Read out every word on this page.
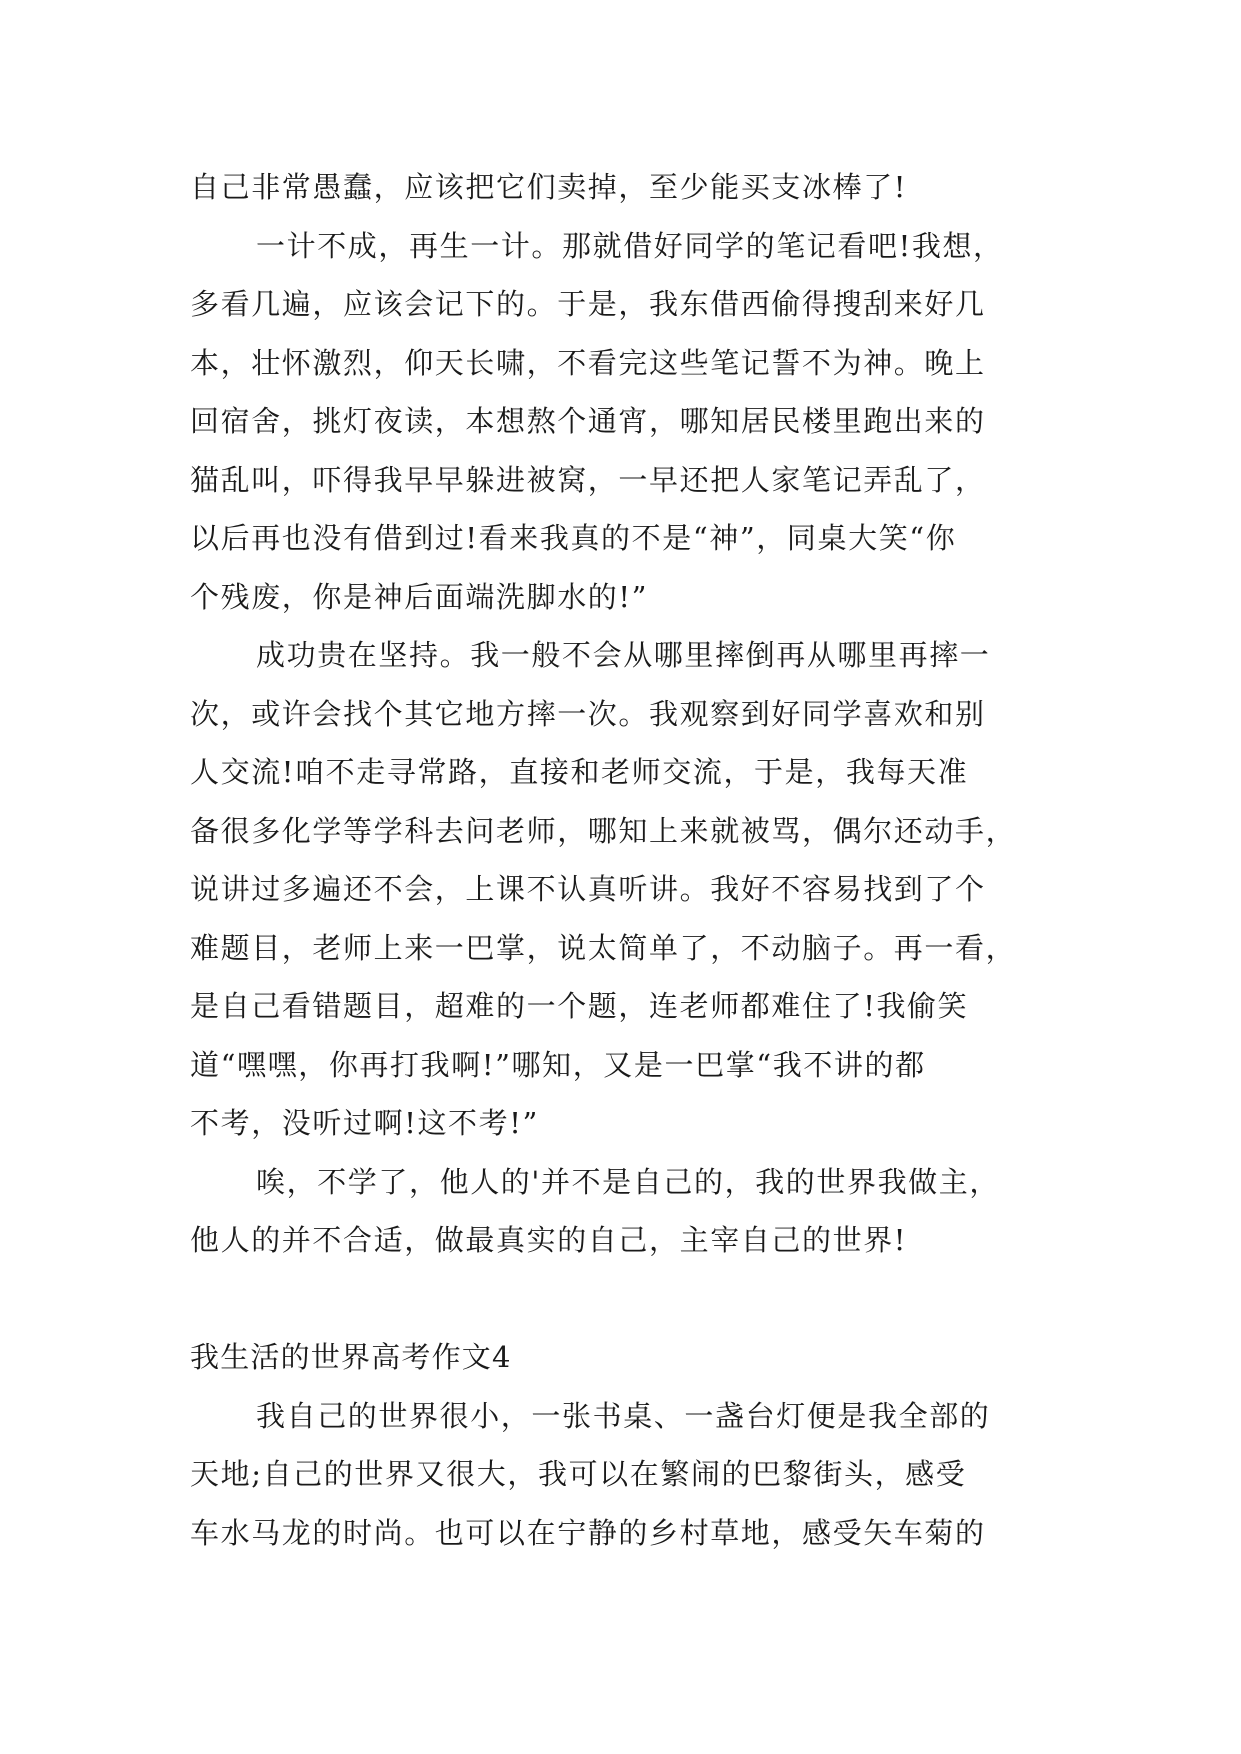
自己非常愚蠢，应该把它们卖掉，至少能买支冰棒了!
一计不成，再生一计。那就借好同学的笔记看吧!我想，
多看几遍，应该会记下的。于是，我东借西偷得搜刮来好几
本，壮怀激烈，仰天长啸，不看完这些笔记誓不为神。晚上
回宿舍，挑灯夜读，本想熬个通宵，哪知居民楼里跑出来的
猫乱叫，吓得我早早躲进被窝，一早还把人家笔记弄乱了，
以后再也没有借到过!看来我真的不是“神”，同桌大笑“你
个残废，你是神后面端洗脚水的!”
成功贵在坚持。我一般不会从哪里摔倒再从哪里再摔一
次，或许会找个其它地方摔一次。我观察到好同学喜欢和别
人交流!咱不走寻常路，直接和老师交流，于是，我每天准
备很多化学等学科去问老师，哪知上来就被骂，偶尔还动手，
说讲过多遍还不会，上课不认真听讲。我好不容易找到了个
难题目，老师上来一巴掌，说太简单了，不动脑子。再一看，
是自己看错题目，超难的一个题，连老师都难住了!我偷笑
道“嘿嘿，你再打我啊!”哪知，又是一巴掌“我不讲的都
不考，没听过啊!这不考!”
唉，不学了，他人的'并不是自己的，我的世界我做主，
他人的并不合适，做最真实的自己，主宰自己的世界!
我生活的世界高考作文4
我自己的世界很小，一张书桌、一盏台灯便是我全部的
天地;自己的世界又很大，我可以在繁闹的巴黎街头，感受
车水马龙的时尚。也可以在宁静的乡村草地，感受矢车菊的
